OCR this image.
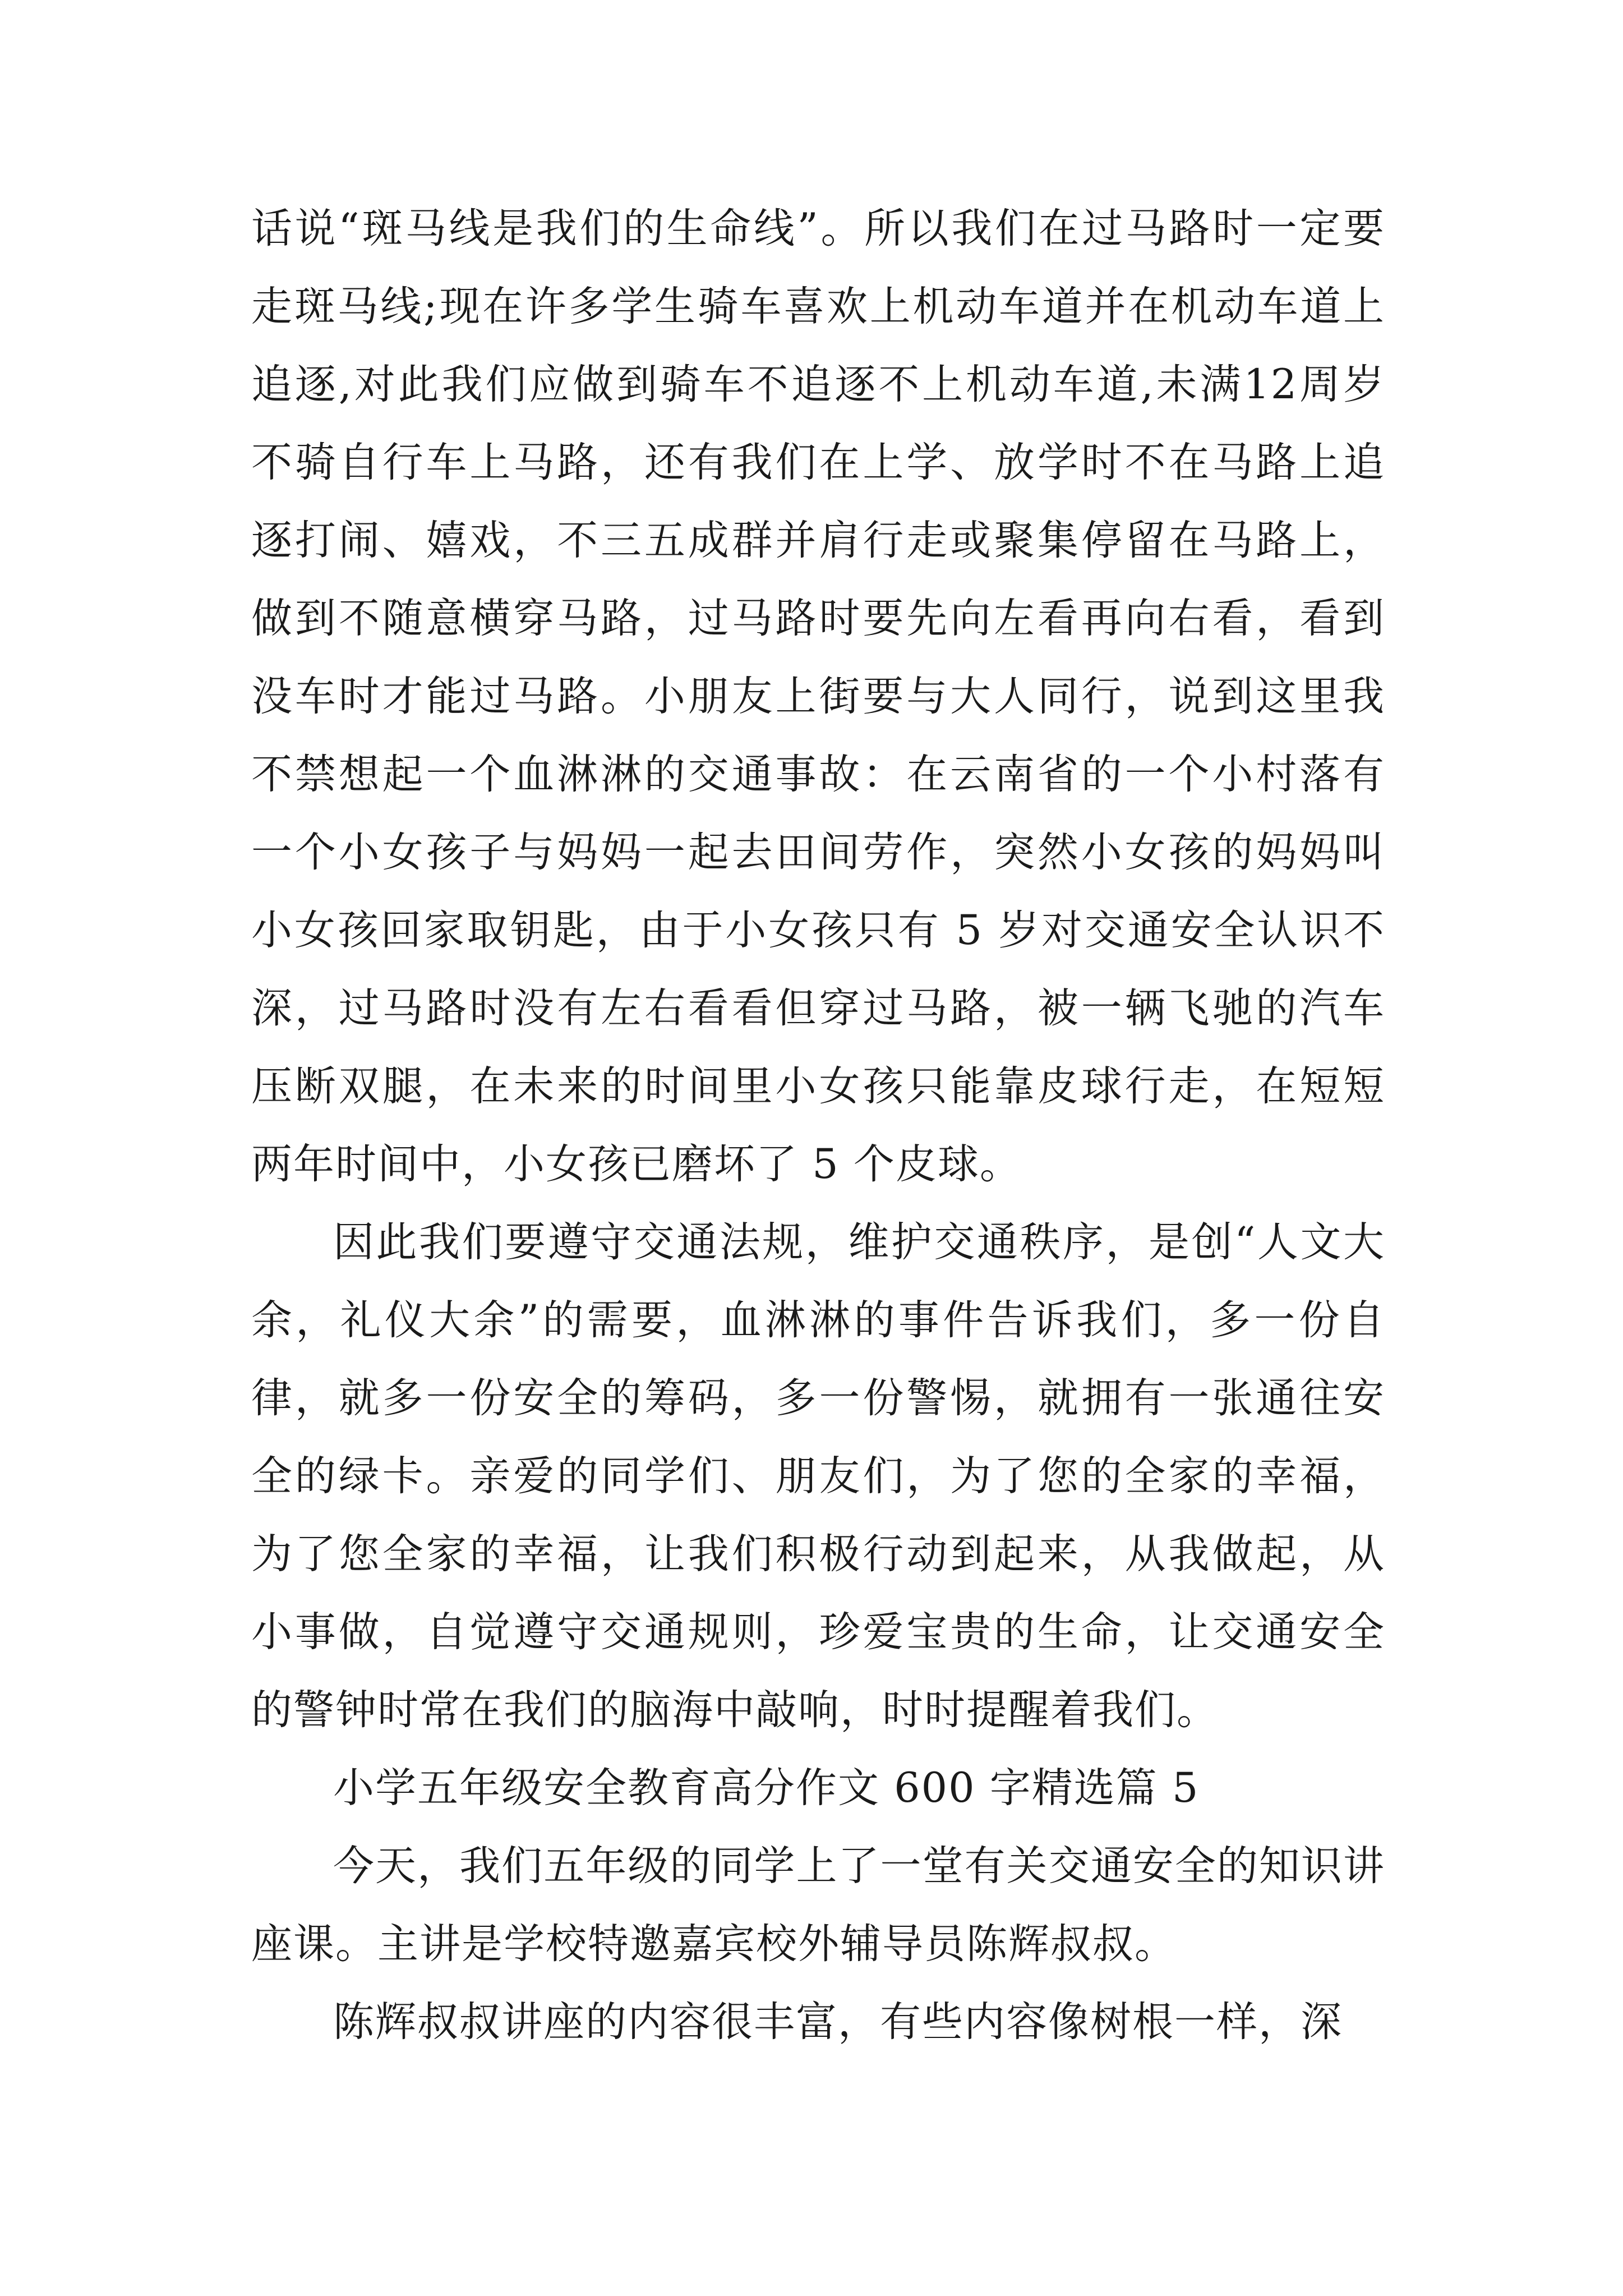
话说“斑马线是我们的生命线”。所以我们在过马路时一定要走斑马线;现在许多学生骑车喜欢上机动车道并在机动车道上追逐,对此我们应做到骑车不追逐不上机动车道,未满12周岁不骑自行车上马路，还有我们在上学、放学时不在马路上追逐打闹、嬉戏，不三五成群并肩行走或聚集停留在马路上，做到不随意横穿马路，过马路时要先向左看再向右看，看到没车时才能过马路。小朋友上街要与大人同行，说到这里我不禁想起一个血淋淋的交通事故：在云南省的一个小村落有一个小女孩子与妈妈一起去田间劳作，突然小女孩的妈妈叫小女孩回家取钥匙，由于小女孩只有 5 岁对交通安全认识不深，过马路时没有左右看看但穿过马路，被一辆飞驰的汽车压断双腿，在未来的时间里小女孩只能靠皮球行走，在短短两年时间中，小女孩已磨坏了 5 个皮球。

因此我们要遵守交通法规，维护交通秩序，是创“人文大余，礼仪大余”的需要，血淋淋的事件告诉我们，多一份自律，就多一份安全的筹码，多一份警惕，就拥有一张通往安全的绿卡。亲爱的同学们、朋友们，为了您的全家的幸福，为了您全家的幸福，让我们积极行动到起来，从我做起，从小事做，自觉遵守交通规则，珍爱宝贵的生命，让交通安全的警钟时常在我们的脑海中敲响，时时提醒着我们。

小学五年级安全教育高分作文 600 字精选篇 5

今天，我们五年级的同学上了一堂有关交通安全的知识讲座课。主讲是学校特邀嘉宾校外辅导员陈辉叔叔。

陈辉叔叔讲座的内容很丰富，有些内容像树根一样，深
